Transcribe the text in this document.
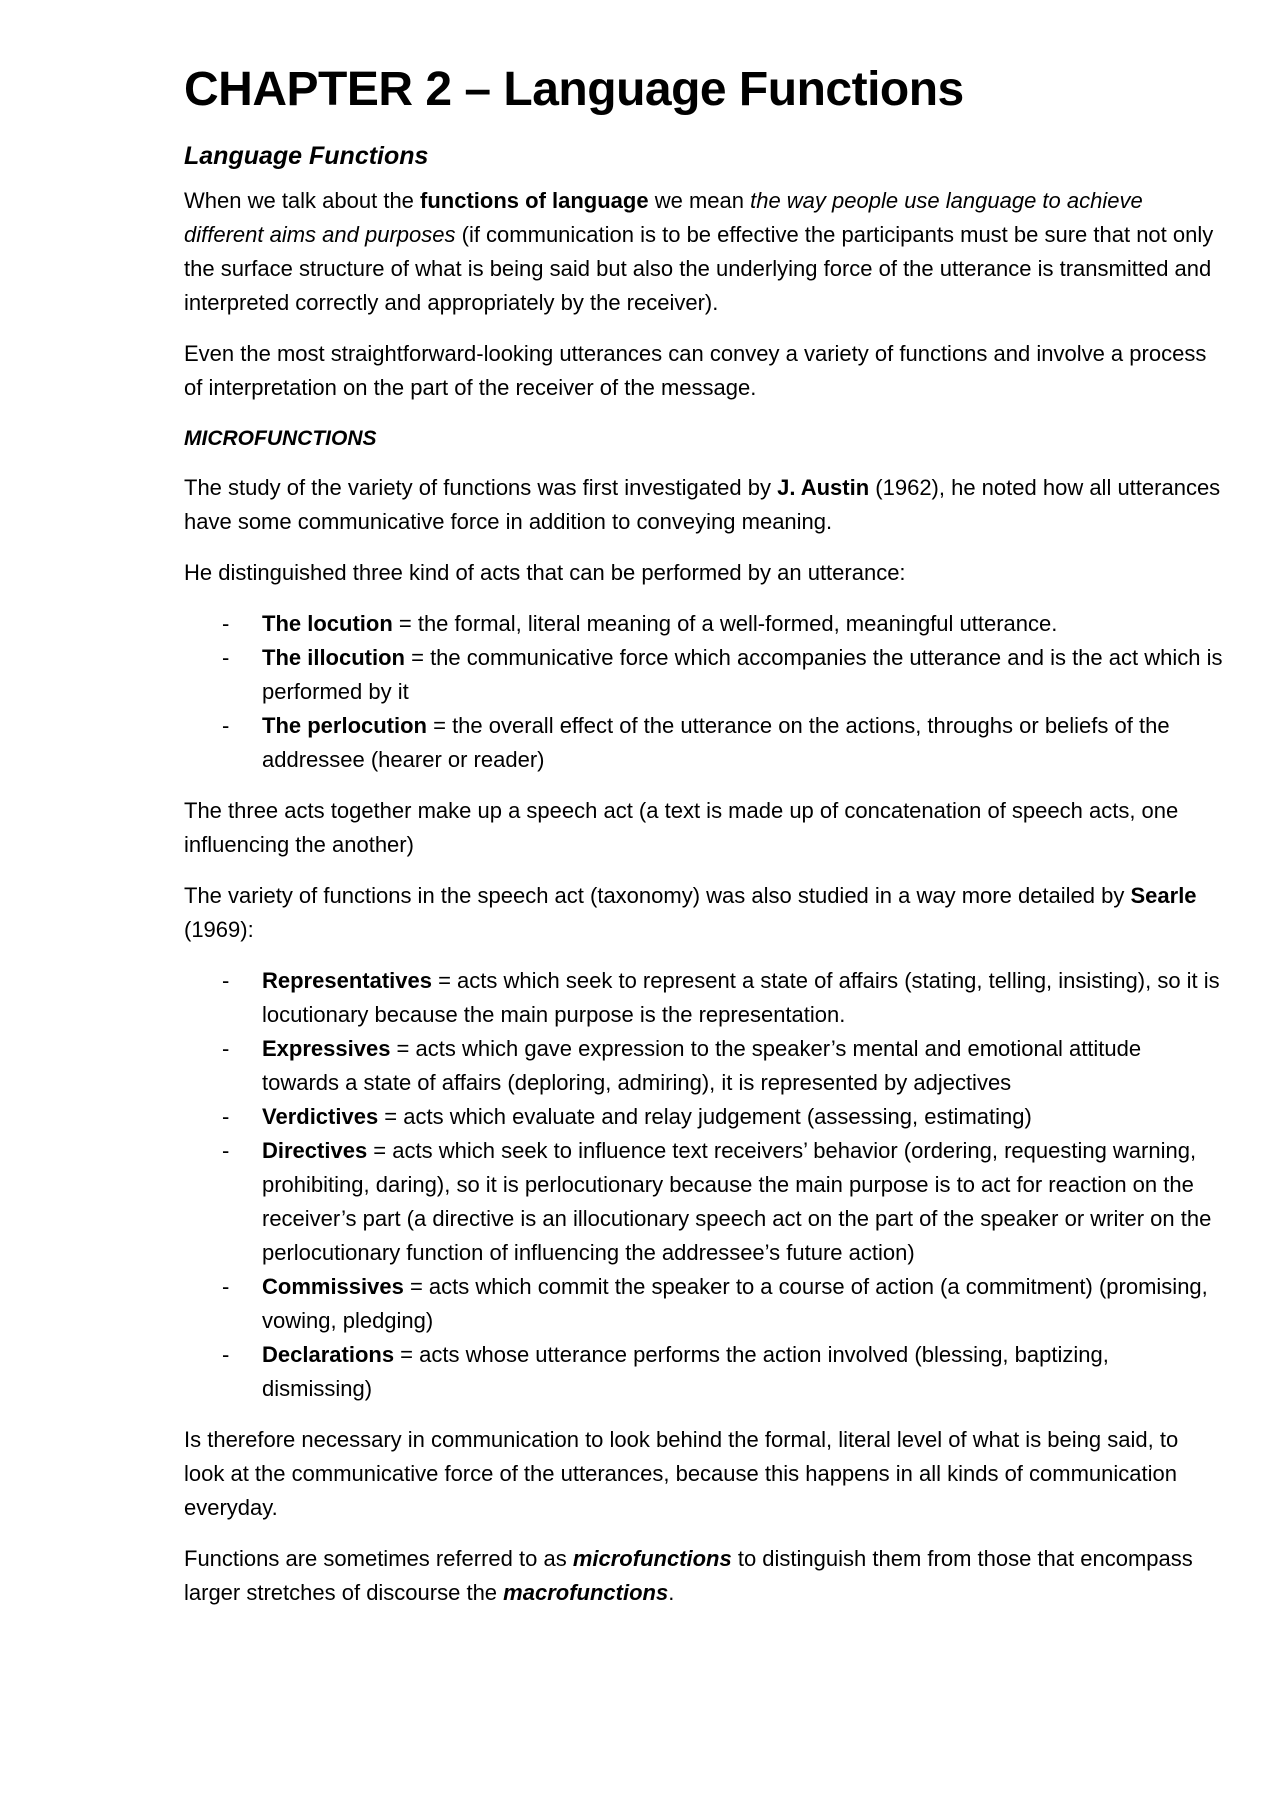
CHAPTER 2 – Language Functions
Language Functions

When we talk about the functions of language we mean the way people use language to achieve different aims and purposes (if communication is to be effective the participants must be sure that not only the surface structure of what is being said but also the underlying force of the utterance is transmitted and interpreted correctly and appropriately by the receiver).

Even the most straightforward-looking utterances can convey a variety of functions and involve a process of interpretation on the part of the receiver of the message.

MICROFUNCTIONS

The study of the variety of functions was first investigated by J. Austin (1962), he noted how all utterances have some communicative force in addition to conveying meaning.

He distinguished three kind of acts that can be performed by an utterance:

- The locution = the formal, literal meaning of a well-formed, meaningful utterance.
- The illocution = the communicative force which accompanies the utterance and is the act which is performed by it
- The perlocution = the overall effect of the utterance on the actions, throughs or beliefs of the addressee (hearer or reader)

The three acts together make up a speech act (a text is made up of concatenation of speech acts, one influencing the another)

The variety of functions in the speech act (taxonomy) was also studied in a way more detailed by Searle (1969):

- Representatives = acts which seek to represent a state of affairs (stating, telling, insisting), so it is locutionary because the main purpose is the representation.
- Expressives = acts which gave expression to the speaker’s mental and emotional attitude towards a state of affairs (deploring, admiring), it is represented by adjectives
- Verdictives = acts which evaluate and relay judgement (assessing, estimating)
- Directives = acts which seek to influence text receivers’ behavior (ordering, requesting warning, prohibiting, daring), so it is perlocutionary because the main purpose is to act for reaction on the receiver’s part (a directive is an illocutionary speech act on the part of the speaker or writer on the perlocutionary function of influencing the addressee’s future action)
- Commissives = acts which commit the speaker to a course of action (a commitment) (promising, vowing, pledging)
- Declarations = acts whose utterance performs the action involved (blessing, baptizing, dismissing)

Is therefore necessary in communication to look behind the formal, literal level of what is being said, to look at the communicative force of the utterances, because this happens in all kinds of communication everyday.

Functions are sometimes referred to as microfunctions to distinguish them from those that encompass larger stretches of discourse the macrofunctions.
